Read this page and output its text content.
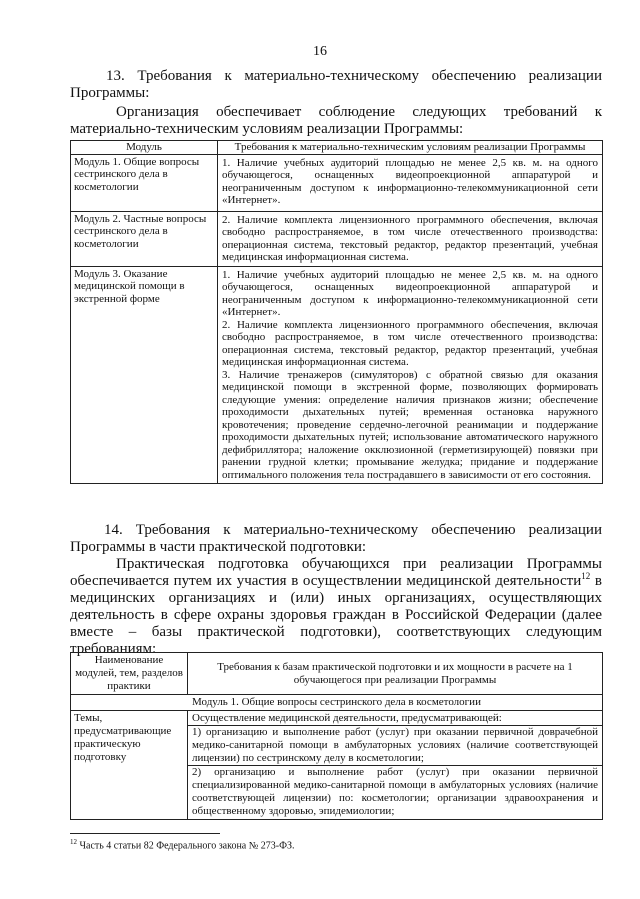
16
13. Требования к материально-техническому обеспечению реализации Программы:
Организация обеспечивает соблюдение следующих требований к материально-техническим условиям реализации Программы:
Модуль	Требования к материально-техническим условиям реализации Программы
Модуль 1. Общие вопросы сестринского дела в косметологии	1. Наличие учебных аудиторий площадью не менее 2,5 кв. м. на одного обучающегося, оснащенных видеопроекционной аппаратурой и неограниченным доступом к информационно-телекоммуникационной сети «Интернет».
Модуль 2. Частные вопросы сестринского дела в косметологии	2. Наличие комплекта лицензионного программного обеспечения, включая свободно распространяемое, в том числе отечественного производства: операционная система, текстовый редактор, редактор презентаций, учебная медицинская информационная система.
Модуль 3. Оказание медицинской помощи в экстренной форме	1. Наличие учебных аудиторий площадью не менее 2,5 кв. м. на одного обучающегося, оснащенных видеопроекционной аппаратурой и неограниченным доступом к информационно-телекоммуникационной сети «Интернет».
2. Наличие комплекта лицензионного программного обеспечения, включая свободно распространяемое, в том числе отечественного производства: операционная система, текстовый редактор, редактор презентаций, учебная медицинская информационная система.
3. Наличие тренажеров (симуляторов) с обратной связью для оказания медицинской помощи в экстренной форме, позволяющих формировать следующие умения: определение наличия признаков жизни; обеспечение проходимости дыхательных путей; временная остановка наружного кровотечения; проведение сердечно-легочной реанимации и поддержание проходимости дыхательных путей; использование автоматического наружного дефибриллятора; наложение окклюзионной (герметизирующей) повязки при ранении грудной клетки; промывание желудка; придание и поддержание оптимального положения тела пострадавшего в зависимости от его состояния.
14. Требования к материально-техническому обеспечению реализации Программы в части практической подготовки:
Практическая подготовка обучающихся при реализации Программы обеспечивается путем их участия в осуществлении медицинской деятельности$^{12}$ в медицинских организациях и (или) иных организациях, осуществляющих деятельность в сфере охраны здоровья граждан в Российской Федерации (далее вместе – базы практической подготовки), соответствующих следующим требованиям:
Наименование модулей, тем, разделов практики	Требования к базам практической подготовки и их мощности в расчете на 1 обучающегося при реализации Программы
Модуль 1. Общие вопросы сестринского дела в косметологии	
Темы, предусматривающие практическую подготовку	Осуществление медицинской деятельности, предусматривающей:
1) организацию и выполнение работ (услуг) при оказании первичной доврачебной медико-санитарной помощи в амбулаторных условиях (наличие соответствующей лицензии) по сестринскому делу в косметологии;
2) организацию и выполнение работ (услуг) при оказании первичной специализированной медико-санитарной помощи в амбулаторных условиях (наличие соответствующей лицензии) по: косметологии; организации здравоохранения и общественному здоровью, эпидемиологии;
$^{12}$ Часть 4 статьи 82 Федерального закона № 273-ФЗ.
